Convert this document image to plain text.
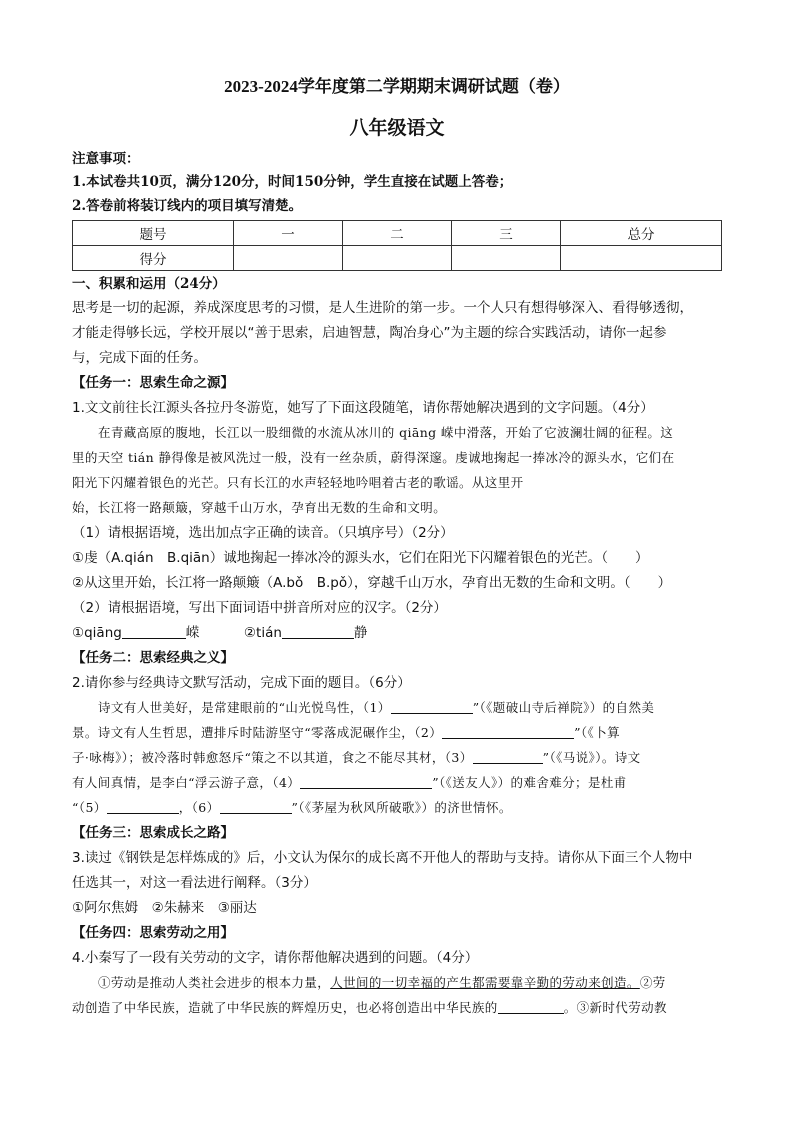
2023-2024学年度第二学期期末调研试题（卷）
八年级语文
注意事项：
1.本试卷共10页，满分120分，时间150分钟，学生直接在试题上答卷；
2.答卷前将装订线内的项目填写清楚。
题号	一	二	三	总分
得分				
一、积累和运用（24分）
思考是一切的起源，养成深度思考的习惯，是人生进阶的第一步。一个人只有想得够深入、看得够透彻，
才能走得够长远，学校开展以“善于思索，启迪智慧，陶冶身心”为主题的综合实践活动，请你一起参
与，完成下面的任务。
【任务一：思索生命之源】
1.文文前往长江源头各拉丹冬游览，她写了下面这段随笔，请你帮她解决遇到的文字问题。（4分）
在青藏高原的腹地，长江以一股细微的水流从冰川的 qiāng 嵘中滑落，开始了它波澜壮阔的征程。这
里的天空 tián 静得像是被风洗过一般，没有一丝杂质，蔚得深邃。虔诚地掬起一捧冰冷的源头水，它们在
阳光下闪耀着银色的光芒。只有长江的水声轻轻地吟唱着古老的歌谣。从这里开
始，长江将一路颠簸，穿越千山万水，孕育出无数的生命和文明。
（1）请根据语境，选出加点字正确的读音。（只填序号）（2分）
①虔（A.qián　B.qiān）诚地掬起一捧冰冷的源头水，它们在阳光下闪耀着银色的光芒。（　　）
②从这里开始，长江将一路颠簸（A.bǒ　B.pǒ），穿越千山万水，孕育出无数的生命和文明。（　　）
（2）请根据语境，写出下面词语中拼音所对应的汉字。（2分）
①qiāng	嵘	②tián	静
【任务二：思索经典之义】
2.请你参与经典诗文默写活动，完成下面的题目。（6分）
诗文有人世美好，是常建眼前的“山光悦鸟性，（1）	”（《题破山寺后禅院》）的自然美
景。诗文有人生哲思，遭排斥时陆游坚守“零落成泥碾作尘，（2）	”（《卜算
子·咏梅》）；被冷落时韩愈怒斥“策之不以其道，食之不能尽其材，（3）	”（《马说》）。诗文
有人间真情，是李白“浮云游子意，（4）	”（《送友人》）的难舍难分；是杜甫
“（5）	，（6）	”（《茅屋为秋风所破歌》）的济世情怀。
【任务三：思索成长之路】
3.读过《钢铁是怎样炼成的》后，小文认为保尔的成长离不开他人的帮助与支持。请你从下面三个人物中
任选其一，对这一看法进行阐释。（3分）
①阿尔焦姆　②朱赫来　③丽达
【任务四：思索劳动之用】
4.小秦写了一段有关劳动的文字，请你帮他解决遇到的问题。（4分）
①劳动是推动人类社会进步的根本力量，人世间的一切幸福的产生都需要靠辛勤的劳动来创造。②劳
动创造了中华民族，造就了中华民族的辉煌历史，也必将创造出中华民族的	。③新时代劳动教
